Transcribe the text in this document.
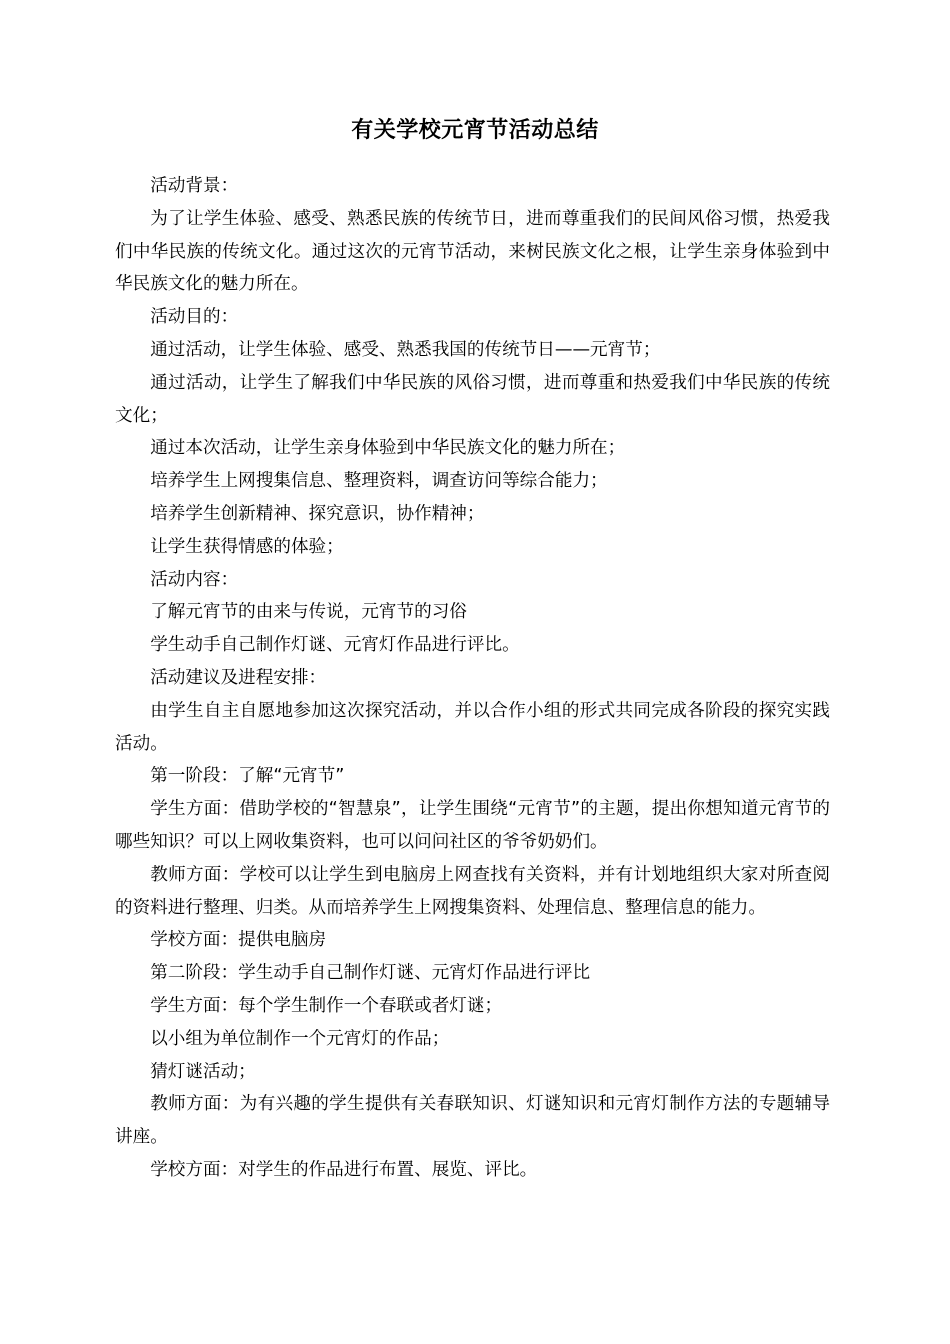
有关学校元宵节活动总结

活动背景：

为了让学生体验、感受、熟悉民族的传统节日，进而尊重我们的民间风俗习惯，热爱我们中华民族的传统文化。通过这次的元宵节活动，来树民族文化之根，让学生亲身体验到中华民族文化的魅力所在。

活动目的：

通过活动，让学生体验、感受、熟悉我国的传统节日——元宵节；

通过活动，让学生了解我们中华民族的风俗习惯，进而尊重和热爱我们中华民族的传统文化；

通过本次活动，让学生亲身体验到中华民族文化的魅力所在；

培养学生上网搜集信息、整理资料，调查访问等综合能力；

培养学生创新精神、探究意识，协作精神；

让学生获得情感的体验；

活动内容：

了解元宵节的由来与传说，元宵节的习俗

学生动手自己制作灯谜、元宵灯作品进行评比。

活动建议及进程安排：

由学生自主自愿地参加这次探究活动，并以合作小组的形式共同完成各阶段的探究实践活动。

第一阶段：了解“元宵节”

学生方面：借助学校的“智慧泉”，让学生围绕“元宵节”的主题，提出你想知道元宵节的哪些知识？可以上网收集资料，也可以问问社区的爷爷奶奶们。

教师方面：学校可以让学生到电脑房上网查找有关资料，并有计划地组织大家对所查阅的资料进行整理、归类。从而培养学生上网搜集资料、处理信息、整理信息的能力。

学校方面：提供电脑房

第二阶段：学生动手自己制作灯谜、元宵灯作品进行评比

学生方面：每个学生制作一个春联或者灯谜；

以小组为单位制作一个元宵灯的作品；

猜灯谜活动；

教师方面：为有兴趣的学生提供有关春联知识、灯谜知识和元宵灯制作方法的专题辅导讲座。

学校方面：对学生的作品进行布置、展览、评比。
